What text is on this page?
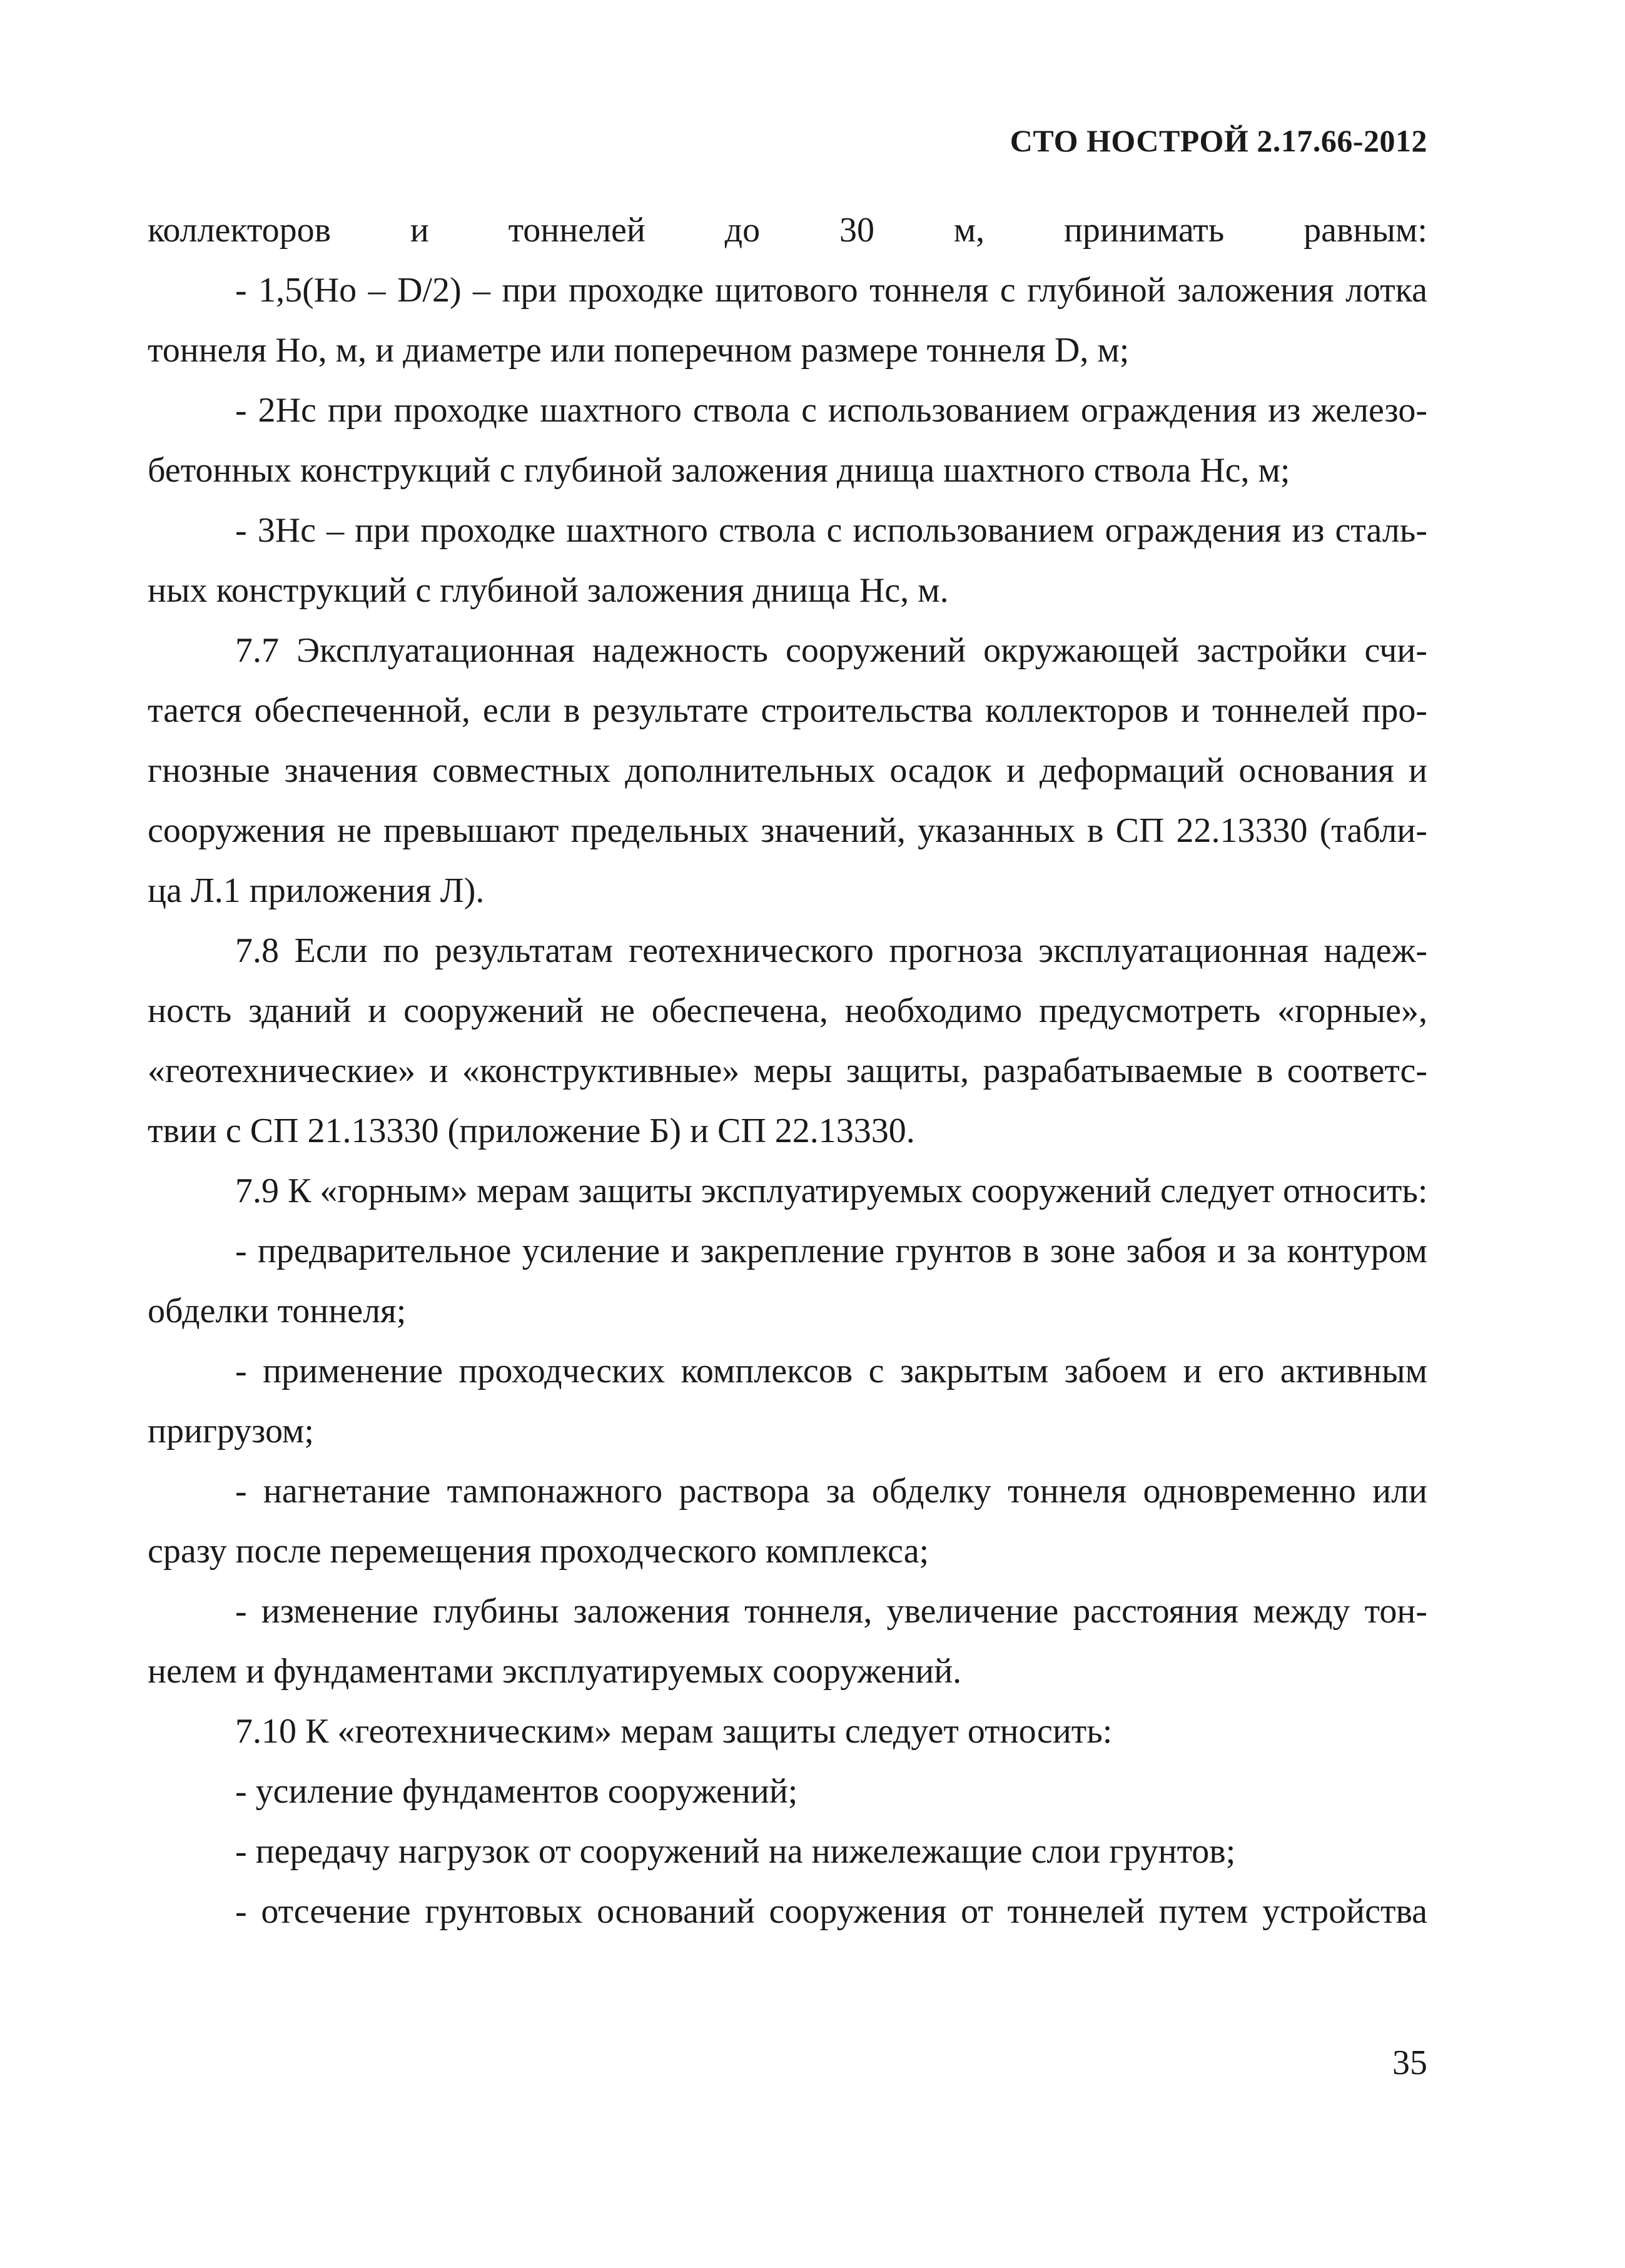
СТО НОСТРОЙ 2.17.66-2012
коллекторов и тоннелей до 30 м, принимать равным:
- 1,5(Hо – D/2) – при проходке щитового тоннеля с глубиной заложения лотка
тоннеля Hо, м, и диаметре или поперечном размере тоннеля D, м;
- 2Hс при проходке шахтного ствола с использованием ограждения из железо-
бетонных конструкций с глубиной заложения днища шахтного ствола Hс, м;
- 3Hс – при проходке шахтного ствола с использованием ограждения из сталь-
ных конструкций с глубиной заложения днища Hс, м.
7.7 Эксплуатационная надежность сооружений окружающей застройки счи-
тается обеспеченной, если в результате строительства коллекторов и тоннелей про-
гнозные значения совместных дополнительных осадок и деформаций основания и
сооружения не превышают предельных значений, указанных в СП 22.13330 (табли-
ца Л.1 приложения Л).
7.8 Если по результатам геотехнического прогноза эксплуатационная надеж-
ность зданий и сооружений не обеспечена, необходимо предусмотреть «горные»,
«геотехнические» и «конструктивные» меры защиты, разрабатываемые в соответс-
твии с СП 21.13330 (приложение Б) и СП 22.13330.
7.9 К «горным» мерам защиты эксплуатируемых сооружений следует относить:
- предварительное усиление и закрепление грунтов в зоне забоя и за контуром
обделки тоннеля;
- применение проходческих комплексов с закрытым забоем и его активным
пригрузом;
- нагнетание тампонажного раствора за обделку тоннеля одновременно или
сразу после перемещения проходческого комплекса;
- изменение глубины заложения тоннеля, увеличение расстояния между тон-
нелем и фундаментами эксплуатируемых сооружений.
7.10 К «геотехническим» мерам защиты следует относить:
- усиление фундаментов сооружений;
- передачу нагрузок от сооружений на нижележащие слои грунтов;
- отсечение грунтовых оснований сооружения от тоннелей путем устройства
35
